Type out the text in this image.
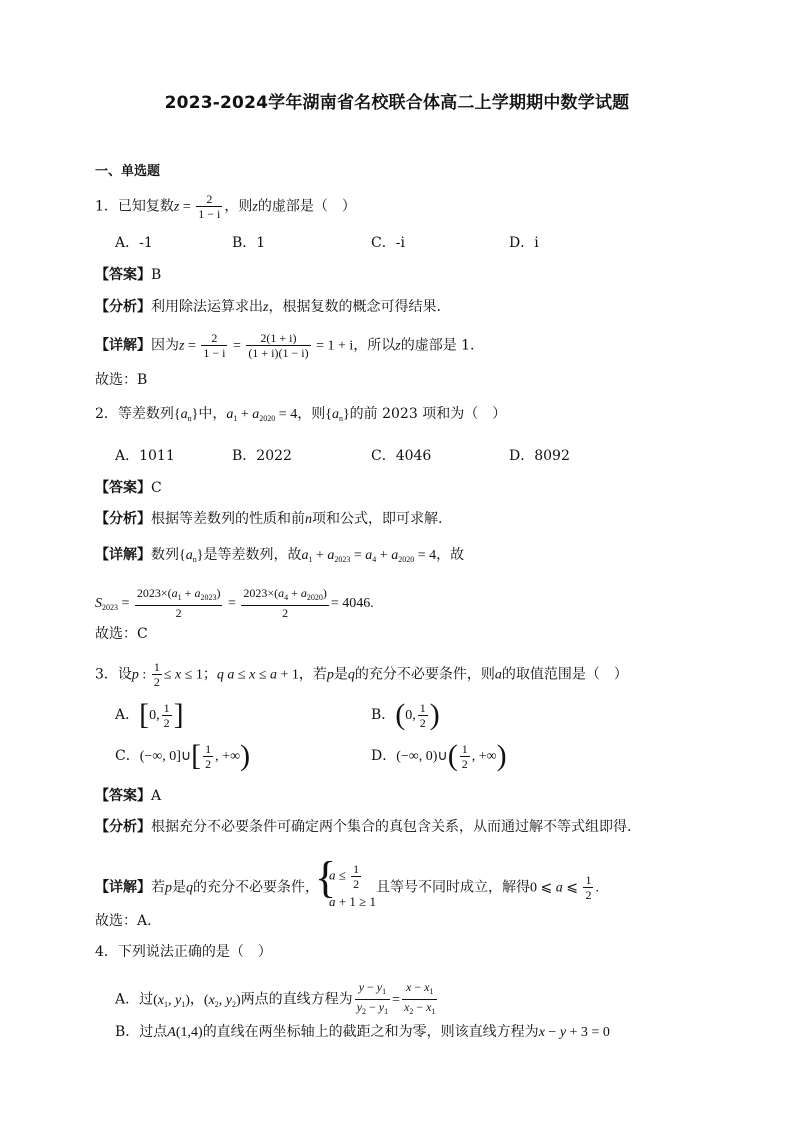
2023-2024学年湖南省名校联合体高二上学期期中数学试题
一、单选题
1．已知复数$z = \frac{2}{1 - i}$ ，则z的虚部是（　）
A．-1	B．1	C．-i	D．i
【答案】B
【分析】利用除法运算求出z，根据复数的概念可得结果.
【详解】因为$z = \frac{2}{1 - i} = \frac{2(1 + i)}{(1 + i)(1 - i)} = 1 + i$，所以z的虚部是 1.
故选：B
2．等差数列$\{a_n\}$中，$a_1 + a_{2020} = 4$，则$\{a_n\}$的前 2023 项和为（　）
A．1011	B．2022	C．4046	D．8092
【答案】C
【分析】根据等差数列的性质和前n项和公式，即可求解.
【详解】数列$\{a_n\}$是等差数列，故$a_1 + a_{2023} = a_4 + a_{2020} = 4$，故
$S_{2023} = \frac{2023\times(a_1 + a_{2023})}{2} = \frac{2023\times(a_4 + a_{2020})}{2} = 4046$.
故选：C
3．设p : $\frac{1}{2} \le x \le 1$；q a ≤ x ≤ a + 1，若p是q的充分不必要条件，则a的取值范围是（　）
A．[0, $\frac{1}{2}$ ]	B．(0, $\frac{1}{2}$ )
C．(−∞, 0]∪[ $\frac{1}{2}$ , +∞)	D．(−∞, 0)∪( $\frac{1}{2}$ , +∞)
【答案】A
【分析】根据充分不必要条件可确定两个集合的真包含关系，从而通过解不等式组即得.
【详解】若p是q的充分不必要条件，
{ $a \le \frac{1}{2}$
a + 1 ≥ 1
且等号不同时成立，解得0 ⩽ a ⩽ $\frac{1}{2}$ .
故选：A.
4．下列说法正确的是（　）
A．过($x_1$, $y_1$)，($x_2$, $y_2$)两点的直线方程为 $\frac{y - y_1}{y_2 - y_1} = \frac{x - x_1}{x_2 - x_1}$
B．过点A(1,4)的直线在两坐标轴上的截距之和为零，则该直线方程为x − y + 3 = 0
